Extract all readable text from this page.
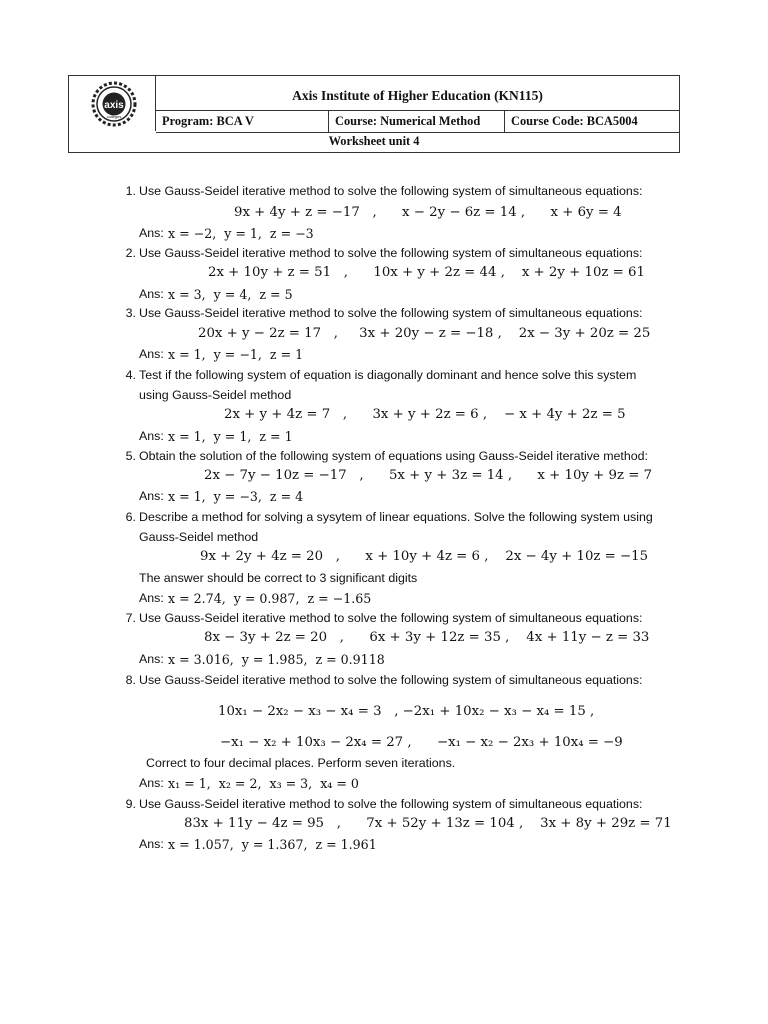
axis
colleges
Axis Institute of Higher Education (KN115)
Program: BCA V	Course: Numerical Method	Course Code: BCA5004
Worksheet unit 4
1. Use Gauss-Seidel iterative method to solve the following system of simultaneous equations:
9x + 4y + z = −17   ,      x − 2y − 6z = 14 ,      x + 6y = 4
Ans: x = −2,  y = 1,  z = −3
2. Use Gauss-Seidel iterative method to solve the following system of simultaneous equations:
2x + 10y + z = 51   ,      10x + y + 2z = 44 ,    x + 2y + 10z = 61
Ans: x = 3,  y = 4,  z = 5
3. Use Gauss-Seidel iterative method to solve the following system of simultaneous equations:
20x + y − 2z = 17   ,     3x + 20y − z = −18 ,    2x − 3y + 20z = 25
Ans: x = 1,  y = −1,  z = 1
4. Test if the following system of equation is diagonally dominant and hence solve this system
using Gauss-Seidel method
2x + y + 4z = 7   ,      3x + y + 2z = 6 ,    − x + 4y + 2z = 5
Ans: x = 1,  y = 1,  z = 1
5. Obtain the solution of the following system of equations using Gauss-Seidel iterative method:
2x − 7y − 10z = −17   ,      5x + y + 3z = 14 ,      x + 10y + 9z = 7
Ans: x = 1,  y = −3,  z = 4
6. Describe a method for solving a sysytem of linear equations. Solve the following system using
Gauss-Seidel method
9x + 2y + 4z = 20   ,      x + 10y + 4z = 6 ,    2x − 4y + 10z = −15
The answer should be correct to 3 significant digits
Ans: x = 2.74,  y = 0.987,  z = −1.65
7. Use Gauss-Seidel iterative method to solve the following system of simultaneous equations:
8x − 3y + 2z = 20   ,      6x + 3y + 12z = 35 ,    4x + 11y − z = 33
Ans: x = 3.016,  y = 1.985,  z = 0.9118
8. Use Gauss-Seidel iterative method to solve the following system of simultaneous equations:
10x₁ − 2x₂ − x₃ − x₄ = 3   , −2x₁ + 10x₂ − x₃ − x₄ = 15 ,
−x₁ − x₂ + 10x₃ − 2x₄ = 27 ,      −x₁ − x₂ − 2x₃ + 10x₄ = −9
Correct to four decimal places. Perform seven iterations.
Ans: x₁ = 1,  x₂ = 2,  x₃ = 3,  x₄ = 0
9. Use Gauss-Seidel iterative method to solve the following system of simultaneous equations:
83x + 11y − 4z = 95   ,      7x + 52y + 13z = 104 ,    3x + 8y + 29z = 71
Ans: x = 1.057,  y = 1.367,  z = 1.961
